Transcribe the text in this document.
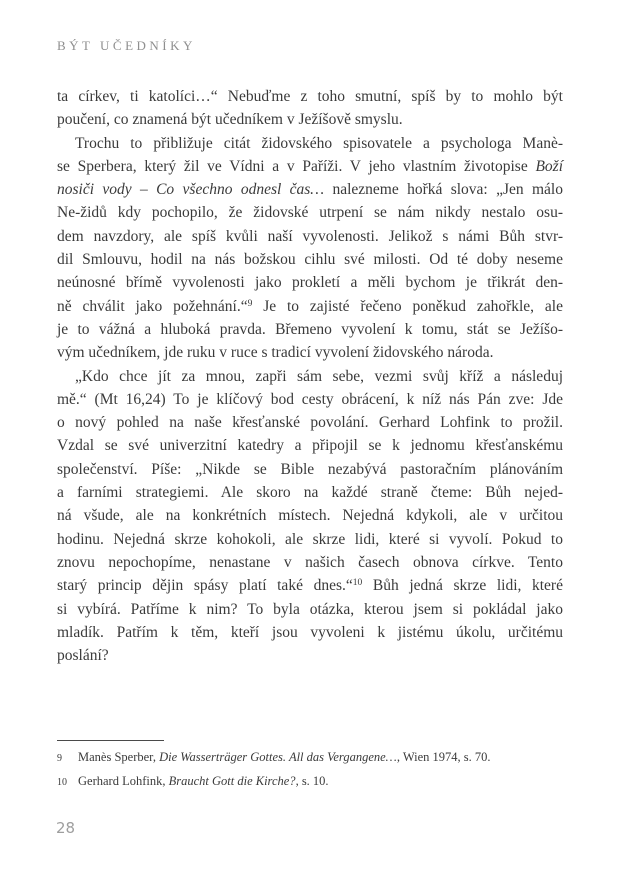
BÝT UČEDNÍKY
ta církev, ti katolíci…“ Nebuďme z toho smutní, spíš by to mohlo být
poučení, co znamená být učedníkem v Ježíšově smyslu.
Trochu to přibližuje citát židovského spisovatele a psychologa Manè-
se Sperbera, který žil ve Vídni a v Paříži. V jeho vlastním životopise Boží
nosiči vody – Co všechno odnesl čas… nalezneme hořká slova: „Jen málo
Ne-židů kdy pochopilo, že židovské utrpení se nám nikdy nestalo osu-
dem navzdory, ale spíš kvůli naší vyvolenosti. Jelikož s námi Bůh stvr-
dil Smlouvu, hodil na nás božskou cihlu své milosti. Od té doby neseme
neúnosné břímě vyvolenosti jako prokletí a měli bychom je třikrát den-
ně chválit jako požehnání.“$^9$ Je to zajisté řečeno poněkud zahořkle, ale
je to vážná a hluboká pravda. Břemeno vyvolení k tomu, stát se Ježíšo-
vým učedníkem, jde ruku v ruce s tradicí vyvolení židovského národa.
„Kdo chce jít za mnou, zapři sám sebe, vezmi svůj kříž a následuj
mě.“ (Mt 16,24) To je klíčový bod cesty obrácení, k níž nás Pán zve: Jde
o nový pohled na naše křesťanské povolání. Gerhard Lohfink to prožil.
Vzdal se své univerzitní katedry a připojil se k jednomu křesťanskému
společenství. Píše: „Nikde se Bible nezabývá pastoračním plánováním
a farními strategiemi. Ale skoro na každé straně čteme: Bůh nejed-
ná všude, ale na konkrétních místech. Nejedná kdykoli, ale v určitou
hodinu. Nejedná skrze kohokoli, ale skrze lidi, které si vyvolí. Pokud to
znovu nepochopíme, nenastane v našich časech obnova církve. Tento
starý princip dějin spásy platí také dnes.“$^{10}$ Bůh jedná skrze lidi, které
si vybírá. Patříme k nim? To byla otázka, kterou jsem si pokládal jako
mladík. Patřím k těm, kteří jsou vyvoleni k jistému úkolu, určitému
poslání?
9	Manès Sperber, Die Wasserträger Gottes. All das Vergangene…, Wien 1974, s. 70.
10 Gerhard Lohfink, Braucht Gott die Kirche?, s. 10.
28
